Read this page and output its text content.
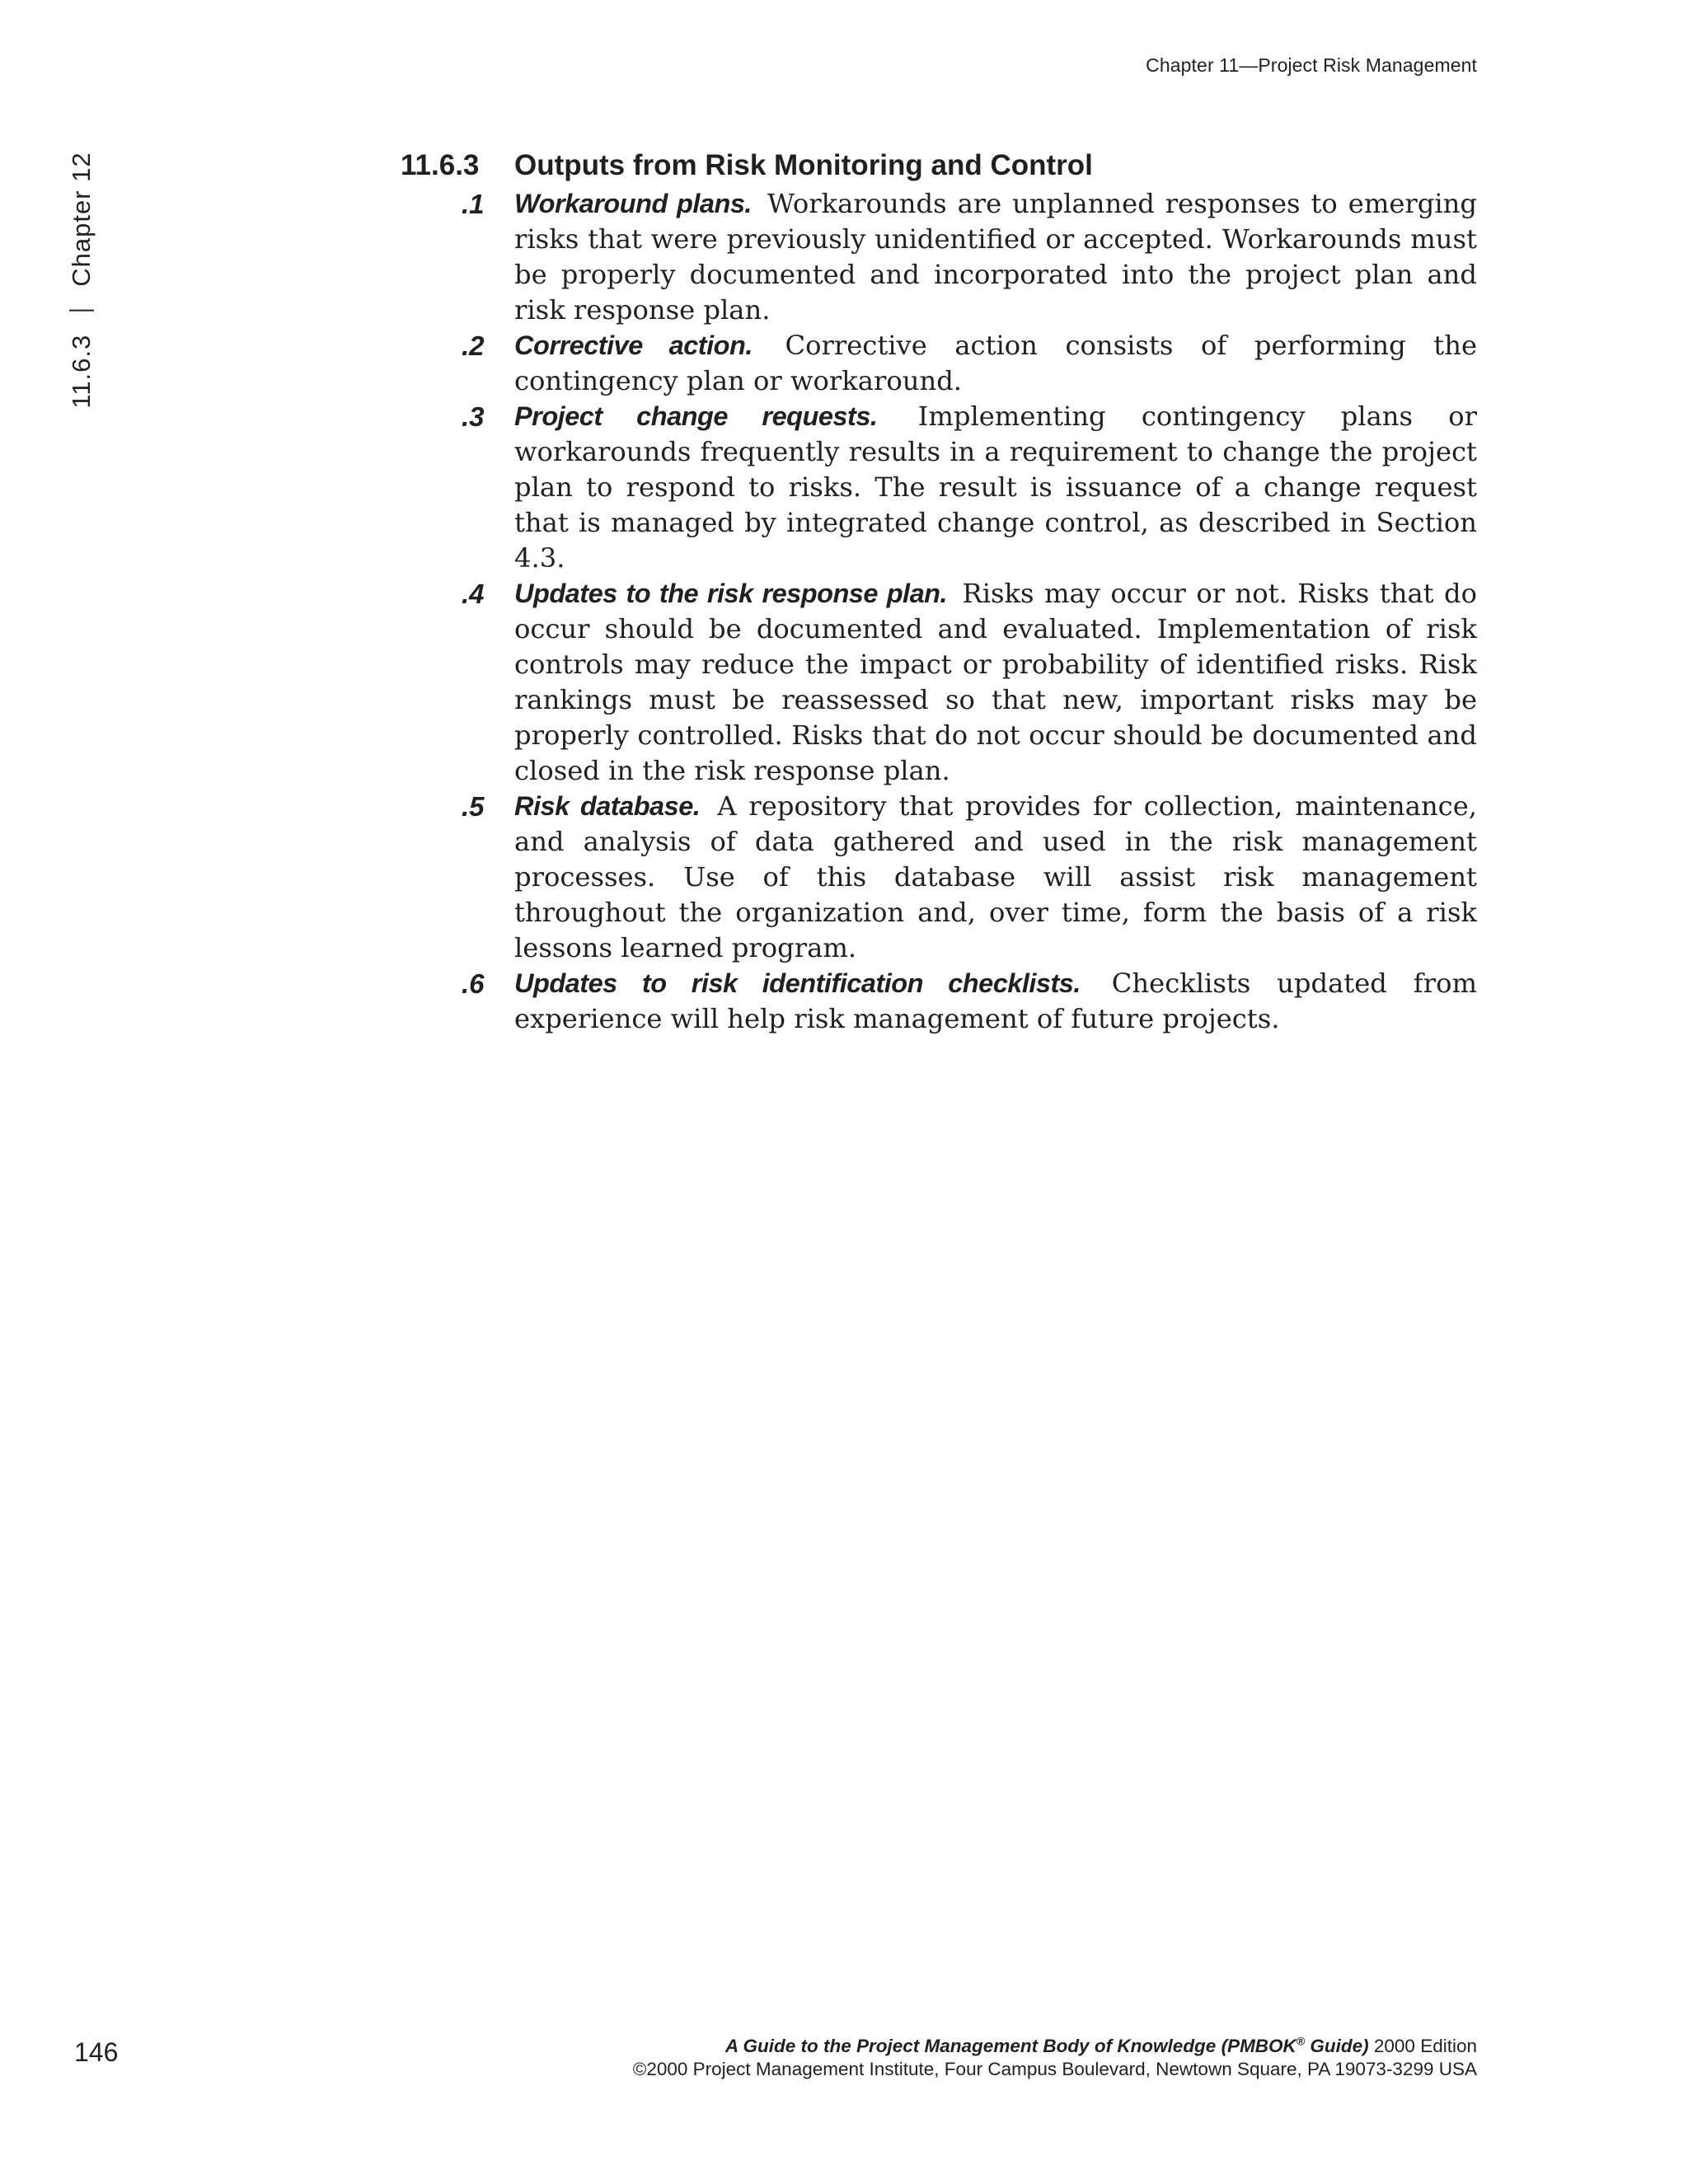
Chapter 11—Project Risk Management
11.6.3
Chapter 12	11.6.3	Outputs from Risk Monitoring and Control
.1 Workaround plans. Workarounds are unplanned responses to emerging risks that were previously unidentified or accepted. Workarounds must be properly documented and incorporated into the project plan and risk response plan.
.2 Corrective action. Corrective action consists of performing the contingency plan or workaround.
.3 Project change requests. Implementing contingency plans or workarounds frequently results in a requirement to change the project plan to respond to risks. The result is issuance of a change request that is managed by integrated change control, as described in Section 4.3.
.4 Updates to the risk response plan. Risks may occur or not. Risks that do occur should be documented and evaluated. Implementation of risk controls may reduce the impact or probability of identified risks. Risk rankings must be reassessed so that new, important risks may be properly controlled. Risks that do not occur should be documented and closed in the risk response plan.
.5 Risk database. A repository that provides for collection, maintenance, and analysis of data gathered and used in the risk management processes. Use of this database will assist risk management throughout the organization and, over time, form the basis of a risk lessons learned program.
.6 Updates to risk identification checklists. Checklists updated from experience will help risk management of future projects.
146	A Guide to the Project Management Body of Knowledge (PMBOK® Guide) 2000 Edition
©2000 Project Management Institute, Four Campus Boulevard, Newtown Square, PA 19073-3299 USA
